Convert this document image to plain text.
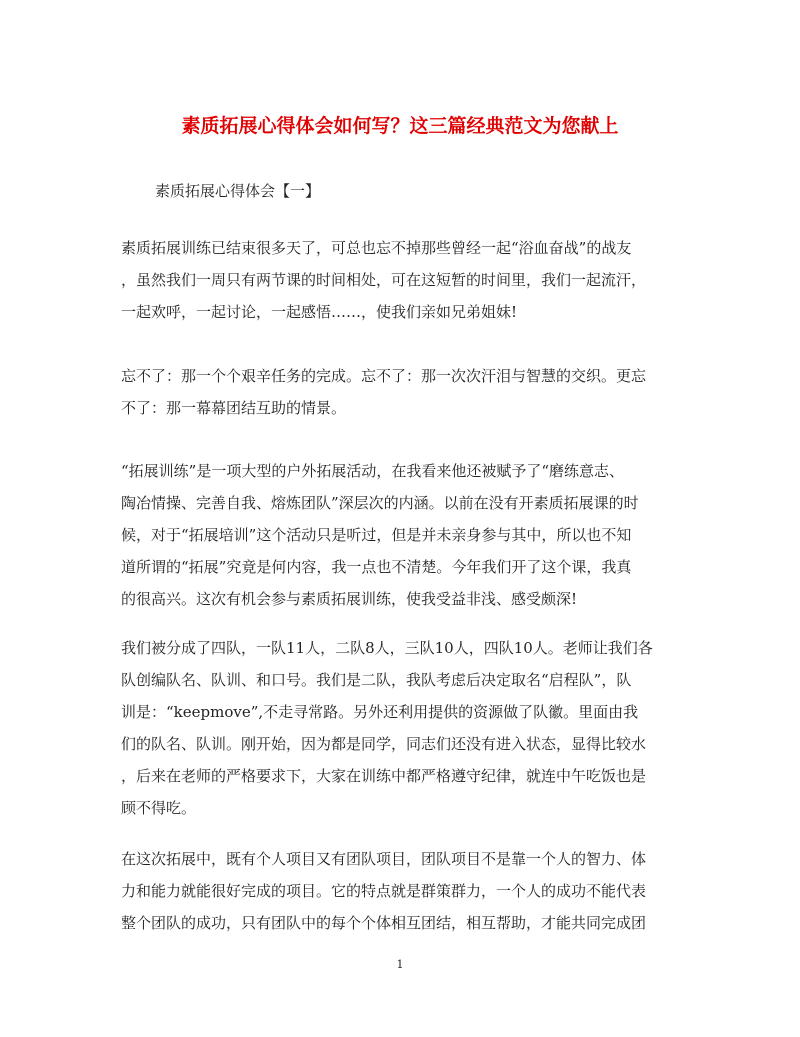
素质拓展心得体会如何写？这三篇经典范文为您献上

素质拓展心得体会【一】

素质拓展训练已结束很多天了，可总也忘不掉那些曾经一起“浴血奋战”的战友
，虽然我们一周只有两节课的时间相处，可在这短暂的时间里，我们一起流汗，
一起欢呼，一起讨论，一起感悟……，使我们亲如兄弟姐妹!
忘不了：那一个个艰辛任务的完成。忘不了：那一次次汗泪与智慧的交织。更忘
不了：那一幕幕团结互助的情景。
“拓展训练”是一项大型的户外拓展活动，在我看来他还被赋予了“磨练意志、
陶冶情操、完善自我、熔炼团队”深层次的内涵。以前在没有开素质拓展课的时
候，对于“拓展培训”这个活动只是听过，但是并未亲身参与其中，所以也不知
道所谓的“拓展”究竟是何内容，我一点也不清楚。今年我们开了这个课，我真
的很高兴。这次有机会参与素质拓展训练，使我受益非浅、感受颇深!
我们被分成了四队，一队11人，二队8人，三队10人，四队10人。老师让我们各
队创编队名、队训、和口号。我们是二队，我队考虑后决定取名“启程队”，队
训是：“keepmove”,不走寻常路。另外还利用提供的资源做了队徽。里面由我
们的队名、队训。刚开始，因为都是同学，同志们还没有进入状态，显得比较水
，后来在老师的严格要求下，大家在训练中都严格遵守纪律，就连中午吃饭也是
顾不得吃。
在这次拓展中，既有个人项目又有团队项目，团队项目不是靠一个人的智力、体
力和能力就能很好完成的项目。它的特点就是群策群力，一个人的成功不能代表
整个团队的成功，只有团队中的每个个体相互团结，相互帮助，才能共同完成团

1
